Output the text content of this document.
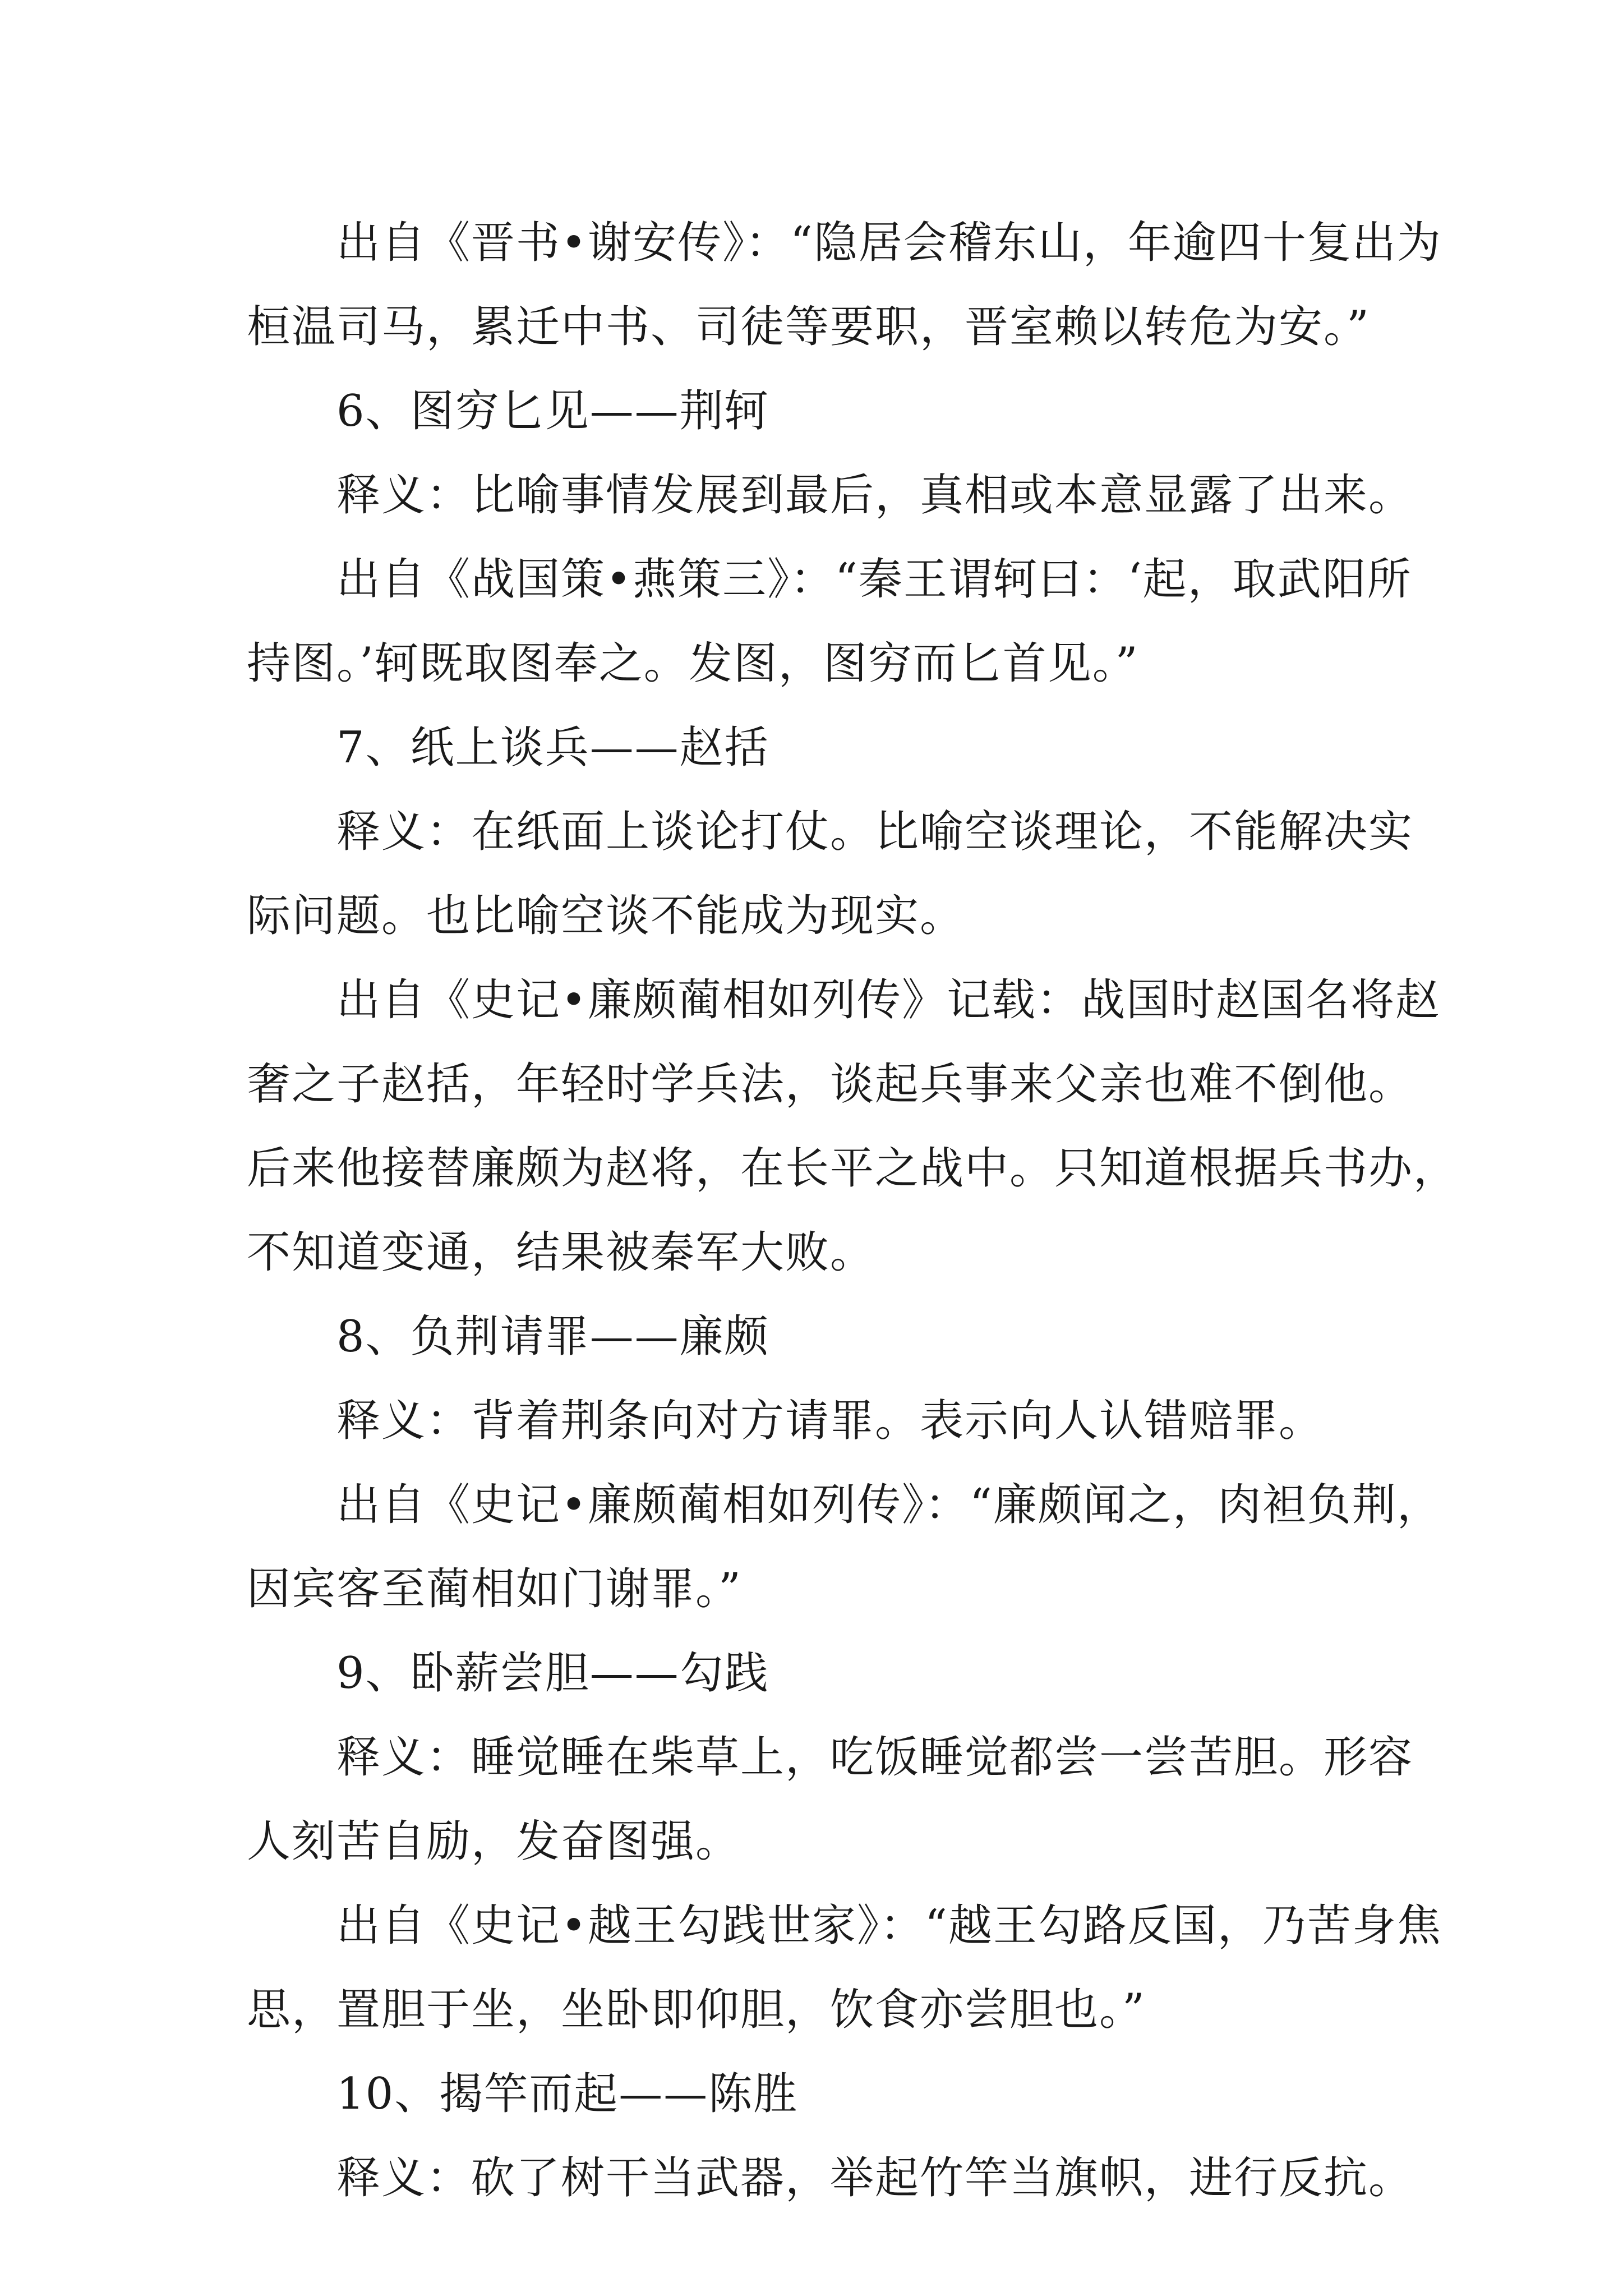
出自《晋书•谢安传》：“隐居会稽东山，年逾四十复出为
桓温司马，累迁中书、司徒等要职，晋室赖以转危为安。”
6、图穷匕见——荆轲
释义：比喻事情发展到最后，真相或本意显露了出来。
出自《战国策•燕策三》：“秦王谓轲曰：‘起，取武阳所
持图。’轲既取图奉之。发图，图穷而匕首见。”
7、纸上谈兵——赵括
释义：在纸面上谈论打仗。比喻空谈理论，不能解决实
际问题。也比喻空谈不能成为现实。
出自《史记•廉颇蔺相如列传》记载：战国时赵国名将赵
奢之子赵括，年轻时学兵法，谈起兵事来父亲也难不倒他。
后来他接替廉颇为赵将，在长平之战中。只知道根据兵书办，
不知道变通，结果被秦军大败。
8、负荆请罪——廉颇
释义：背着荆条向对方请罪。表示向人认错赔罪。
出自《史记•廉颇蔺相如列传》：“廉颇闻之，肉袒负荆，
因宾客至蔺相如门谢罪。”
9、卧薪尝胆——勾践
释义：睡觉睡在柴草上，吃饭睡觉都尝一尝苦胆。形容
人刻苦自励，发奋图强。
出自《史记•越王勾践世家》：“越王勾路反国，乃苦身焦
思，置胆于坐，坐卧即仰胆，饮食亦尝胆也。”
10、揭竿而起——陈胜
释义：砍了树干当武器，举起竹竿当旗帜，进行反抗。
